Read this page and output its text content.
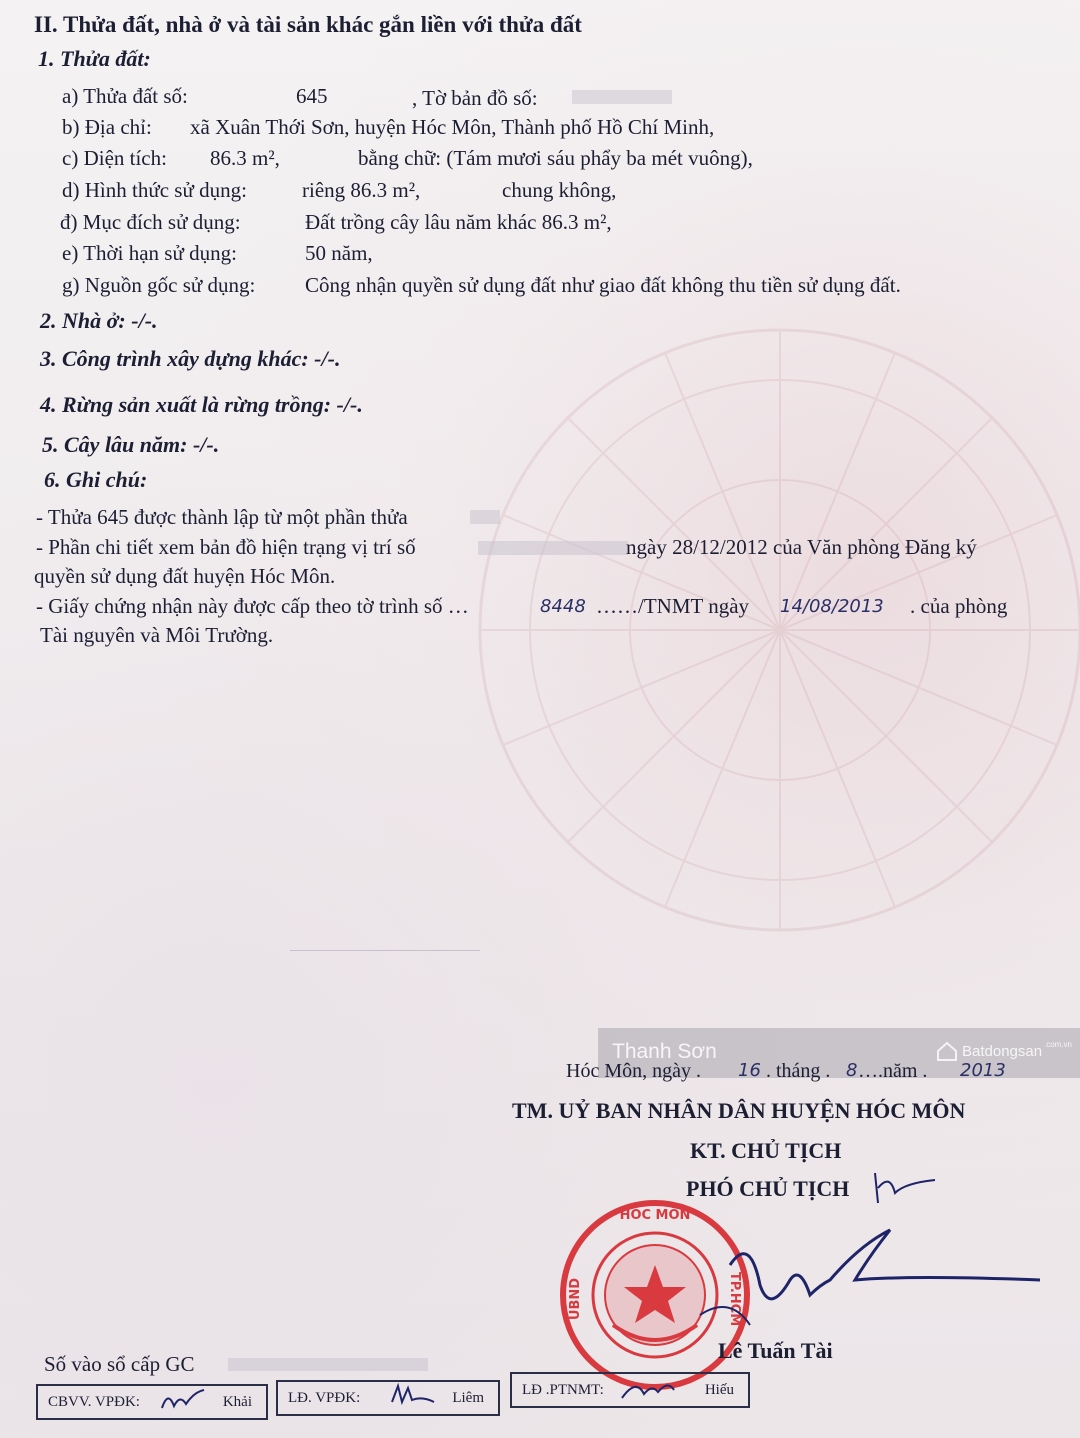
II. Thửa đất, nhà ở và tài sản khác gắn liền với thửa đất
1. Thửa đất:
a) Thửa đất số:	645	, Tờ bản đồ số:
b) Địa chỉ: xã Xuân Thới Sơn, huyện Hóc Môn, Thành phố Hồ Chí Minh,
c) Diện tích: 86.3 m²,	bằng chữ: (Tám mươi sáu phẩy ba mét vuông),
d) Hình thức sử dụng:	riêng 86.3 m²,	chung không,
đ) Mục đích sử dụng:	Đất trồng cây lâu năm khác 86.3 m²,
e) Thời hạn sử dụng:	50 năm,
g) Nguồn gốc sử dụng: Công nhận quyền sử dụng đất như giao đất không thu tiền sử dụng đất.
2. Nhà ở: -/-.
3. Công trình xây dựng khác: -/-.
4. Rừng sản xuất là rừng trồng: -/-.
5. Cây lâu năm: -/-.
6. Ghi chú:
- Thửa 645 được thành lập từ một phần thửa
- Phần chi tiết xem bản đồ hiện trạng vị trí số	ngày 28/12/2012 của Văn phòng Đăng ký
quyền sử dụng đất huyện Hóc Môn.
- Giấy chứng nhận này được cấp theo tờ trình số …	8448 ……/TNMT ngày 14/08/2013 . của phòng
Tài nguyên và Môi Trường.
Thanh Sơn	Batdongsan .com.vn
Hóc Môn, ngày . 16 . tháng . 8 ….năm . 2013
TM. UỶ BAN NHÂN DÂN HUYỆN HÓC MÔN
KT. CHỦ TỊCH
PHÓ CHỦ TỊCH
HÓC MÔN
UBND	TP.HCM
Lê Tuấn Tài
Số vào sổ cấp GC
CBVV. VPĐK:	Khải LĐ. VPĐK:	Liêm	LĐ .PTNMT:	Hiếu
